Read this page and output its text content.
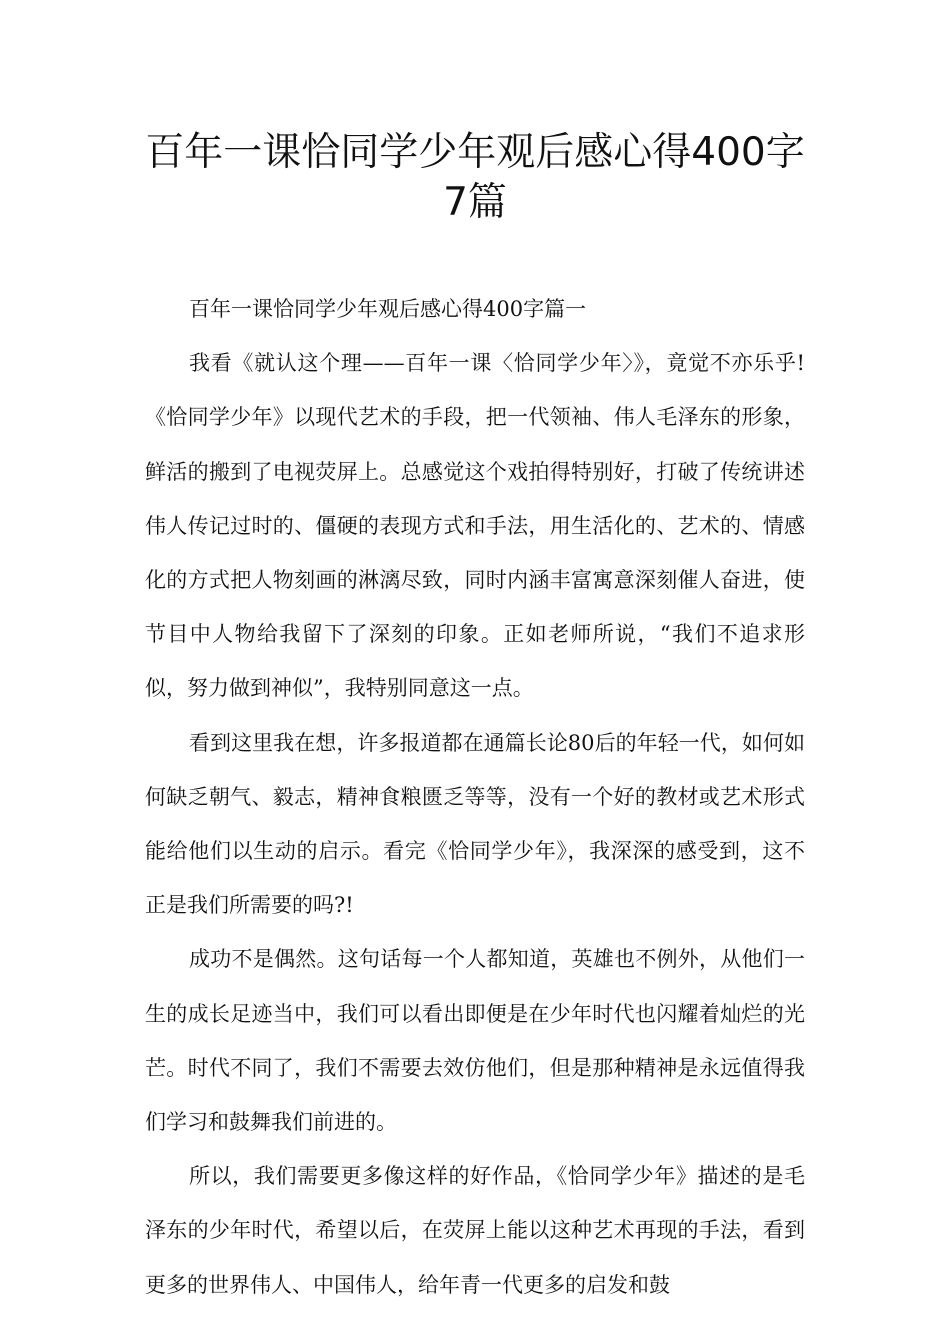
百年一课恰同学少年观后感心得400字
7篇

百年一课恰同学少年观后感心得400字篇一

我看《就认这个理——百年一课〈恰同学少年〉》，竟觉不亦乐乎!《恰同学少年》以现代艺术的手段，把一代领袖、伟人毛泽东的形象，鲜活的搬到了电视荧屏上。总感觉这个戏拍得特别好，打破了传统讲述伟人传记过时的、僵硬的表现方式和手法，用生活化的、艺术的、情感化的方式把人物刻画的淋漓尽致，同时内涵丰富寓意深刻催人奋进，使节目中人物给我留下了深刻的印象。正如老师所说，“我们不追求形似，努力做到神似”，我特别同意这一点。

看到这里我在想，许多报道都在通篇长论80后的年轻一代，如何如何缺乏朝气、毅志，精神食粮匮乏等等，没有一个好的教材或艺术形式能给他们以生动的启示。看完《恰同学少年》，我深深的感受到，这不正是我们所需要的吗?!

成功不是偶然。这句话每一个人都知道，英雄也不例外，从他们一生的成长足迹当中，我们可以看出即便是在少年时代也闪耀着灿烂的光芒。时代不同了，我们不需要去效仿他们，但是那种精神是永远值得我们学习和鼓舞我们前进的。

所以，我们需要更多像这样的好作品，《恰同学少年》描述的是毛泽东的少年时代，希望以后，在荧屏上能以这种艺术再现的手法，看到更多的世界伟人、中国伟人，给年青一代更多的启发和鼓
